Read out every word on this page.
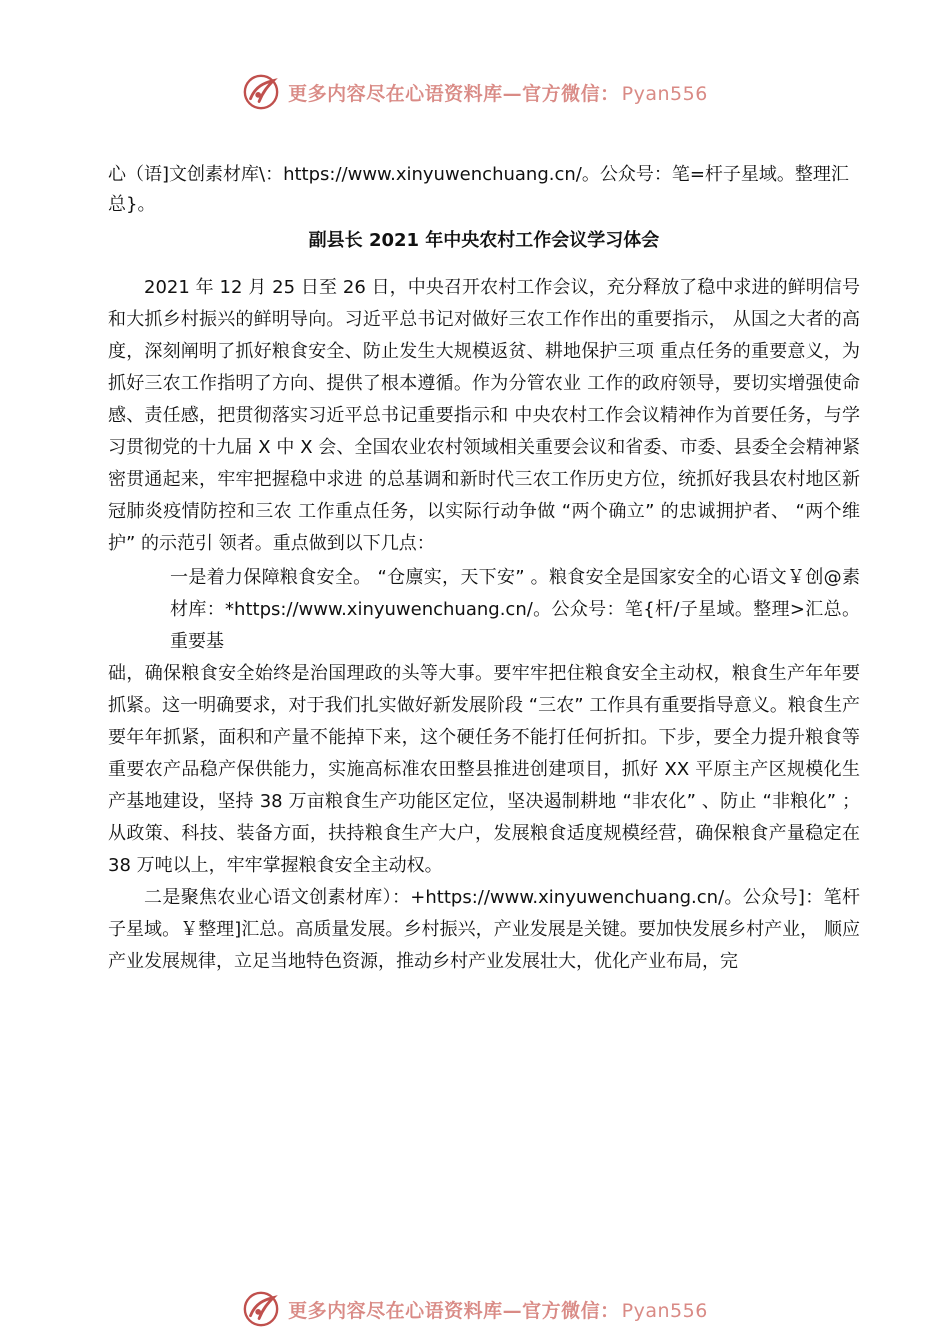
更多内容尽在心语资料库—官方微信： Pyan556

心（语]文创素材库\：https://www.xinyuwenchuang.cn/。公众号：笔=杆子星域。整理汇总}。

副县长 2021 年中央农村工作会议学习体会

2021 年 12 月 25 日至 26 日，中央召开农村工作会议，充分释放了稳中求进的鲜明信号和大抓乡村振兴的鲜明导向。习近平总书记对做好三农工作作出的重要指示， 从国之大者的高度，深刻阐明了抓好粮食安全、防止发生大规模返贫、耕地保护三项 重点任务的重要意义，为抓好三农工作指明了方向、提供了根本遵循。作为分管农业 工作的政府领导，要切实增强使命感、责任感，把贯彻落实习近平总书记重要指示和 中央农村工作会议精神作为首要任务，与学习贯彻党的十九届 X 中 X 会、全国农业农村领域相关重要会议和省委、市委、县委全会精神紧密贯通起来，牢牢把握稳中求进 的总基调和新时代三农工作历史方位，统抓好我县农村地区新冠肺炎疫情防控和三农 工作重点任务，以实际行动争做 “两个确立” 的忠诚拥护者、 “两个维护” 的示范引 领者。重点做到以下几点：

一是着力保障粮食安全。 “仓廪实，天下安” 。粮食安全是国家安全的心语文￥创@素材库：*https://www.xinyuwenchuang.cn/。公众号：笔{杆/子星域。整理>汇总。重要基

础，确保粮食安全始终是治国理政的头等大事。要牢牢把住粮食安全主动权，粮食生产年年要抓紧。这一明确要求，对于我们扎实做好新发展阶段 “三农” 工作具有重要指导意义。粮食生产要年年抓紧，面积和产量不能掉下来，这个硬任务不能打任何折扣。下步，要全力提升粮食等重要农产品稳产保供能力，实施高标准农田整县推进创建项目，抓好 XX 平原主产区规模化生产基地建设，坚持 38 万亩粮食生产功能区定位，坚决遏制耕地 “非农化” 、防止 “非粮化” ；从政策、科技、装备方面，扶持粮食生产大户，发展粮食适度规模经营，确保粮食产量稳定在 38 万吨以上，牢牢掌握粮食安全主动权。

二是聚焦农业心语文创素材库）：+https://www.xinyuwenchuang.cn/。公众号]：笔杆子星域。￥整理]汇总。高质量发展。乡村振兴，产业发展是关键。要加快发展乡村产业， 顺应产业发展规律，立足当地特色资源，推动乡村产业发展壮大，优化产业布局，完

更多内容尽在心语资料库—官方微信： Pyan556
